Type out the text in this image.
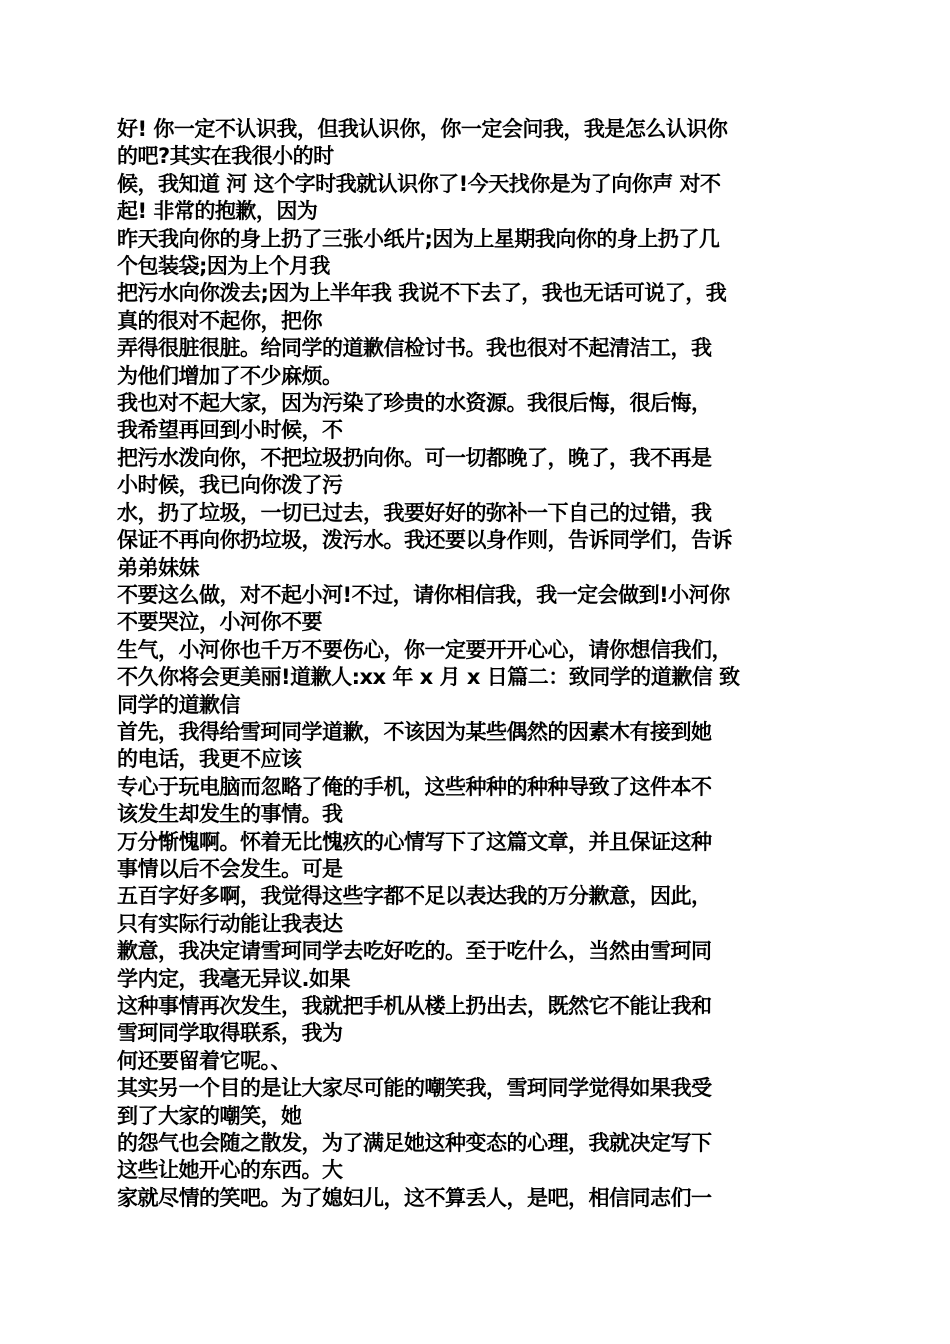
好! 你一定不认识我，但我认识你，你一定会问我，我是怎么认识你
的吧?其实在我很小的时
候，我知道 河 这个字时我就认识你了!今天找你是为了向你声 对不
起! 非常的抱歉，因为
昨天我向你的身上扔了三张小纸片;因为上星期我向你的身上扔了几
个包装袋;因为上个月我
把污水向你泼去;因为上半年我 我说不下去了，我也无话可说了，我
真的很对不起你，把你
弄得很脏很脏。给同学的道歉信检讨书。我也很对不起清洁工，我
为他们增加了不少麻烦。
我也对不起大家，因为污染了珍贵的水资源。我很后悔，很后悔，
我希望再回到小时候，不
把污水泼向你，不把垃圾扔向你。可一切都晚了，晚了，我不再是
小时候，我已向你泼了污
水，扔了垃圾，一切已过去，我要好好的弥补一下自己的过错，我
保证不再向你扔垃圾，泼污水。我还要以身作则，告诉同学们，告诉
弟弟妹妹
不要这么做，对不起小河!不过，请你相信我，我一定会做到!小河你
不要哭泣，小河你不要
生气，小河你也千万不要伤心，你一定要开开心心，请你想信我们，
不久你将会更美丽!道歉人:xx 年 x 月 x 日篇二：致同学的道歉信 致
同学的道歉信
首先，我得给雪珂同学道歉，不该因为某些偶然的因素木有接到她
的电话，我更不应该
专心于玩电脑而忽略了俺的手机，这些种种的种种导致了这件本不
该发生却发生的事情。我
万分惭愧啊。怀着无比愧疚的心情写下了这篇文章，并且保证这种
事情以后不会发生。可是
五百字好多啊，我觉得这些字都不足以表达我的万分歉意，因此，
只有实际行动能让我表达
歉意，我决定请雪珂同学去吃好吃的。至于吃什么，当然由雪珂同
学内定，我毫无异议.如果
这种事情再次发生，我就把手机从楼上扔出去，既然它不能让我和
雪珂同学取得联系，我为
何还要留着它呢。、
其实另一个目的是让大家尽可能的嘲笑我，雪珂同学觉得如果我受
到了大家的嘲笑，她
的怨气也会随之散发，为了满足她这种变态的心理，我就决定写下
这些让她开心的东西。大
家就尽情的笑吧。为了媳妇儿，这不算丢人，是吧，相信同志们一
